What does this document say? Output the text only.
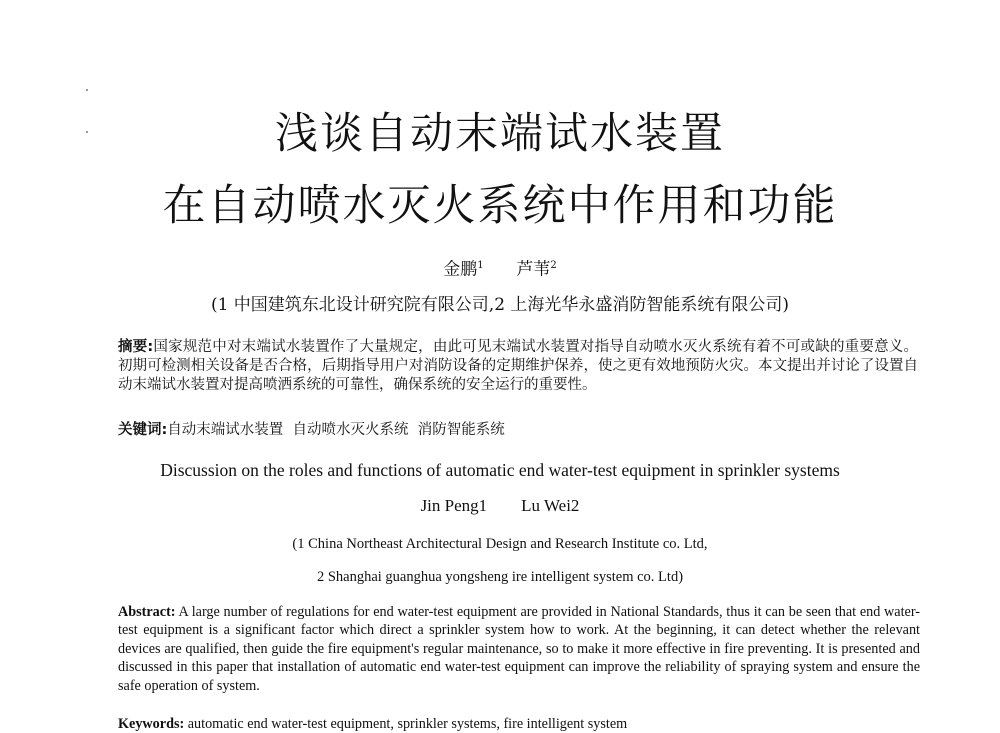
浅谈自动末端试水装置
在自动喷水灭火系统中作用和功能
金鹏$^1$ 芦苇$^2$
(1 中国建筑东北设计研究院有限公司,2 上海光华永盛消防智能系统有限公司)
摘要:国家规范中对末端试水装置作了大量规定，由此可见末端试水装置对指导自动喷水灭火系统有着不可或缺的重要意义。初期可检测相关设备是否合格，后期指导用户对消防设备的定期维护保养，使之更有效地预防火灾。本文提出并讨论了设置自动末端试水装置对提高喷洒系统的可靠性，确保系统的安全运行的重要性。
关键词:自动末端试水装置  自动喷水灭火系统  消防智能系统
Discussion on the roles and functions of automatic end water-test equipment in sprinkler systems
Jin Peng1 Lu Wei2
(1 China Northeast Architectural Design and Research Institute co. Ltd,
2 Shanghai guanghua yongsheng ire intelligent system co. Ltd)
Abstract: A large number of regulations for end water-test equipment are provided in National Standards, thus it can be seen that end water-test equipment is a significant factor which direct a sprinkler system how to work. At the beginning, it can detect whether the relevant devices are qualified, then guide the fire equipment's regular maintenance, so to make it more effective in fire preventing. It is presented and discussed in this paper that installation of automatic end water-test equipment can improve the reliability of spraying system and ensure the safe operation of system.
Keywords: automatic end water-test equipment, sprinkler systems, fire intelligent system
